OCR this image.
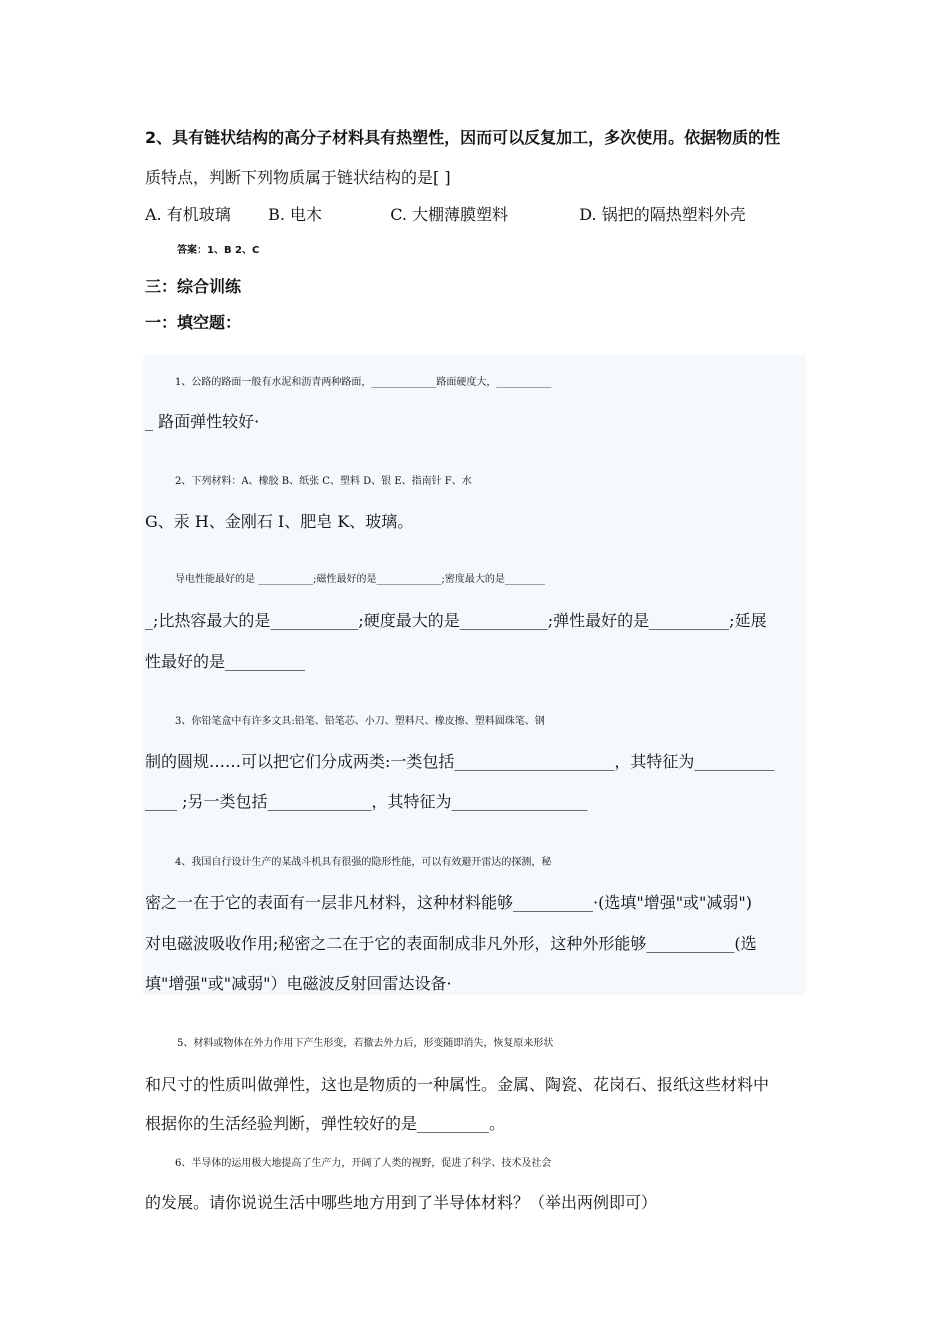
2、具有链状结构的高分子材料具有热塑性，因而可以反复加工，多次使用。依据物质的性
质特点，判断下列物质属于链状结构的是[ ]
A. 有机玻璃 B. 电木	C. 大棚薄膜塑料	D. 锅把的隔热塑料外壳
答案：1、B 2、C
三：综合训练
一：填空题：
1、公路的路面一般有水泥和沥青两种路面，_____________路面硬度大，___________
_ 路面弹性较好·
2、下列材料：A、橡胶 B、纸张 C、塑料 D、银 E、指南针 F、水
G、汞 H、金刚石 I、肥皂 K、玻璃。
导电性能最好的是 ___________;磁性最好的是_____________;密度最大的是________
_;比热容最大的是___________;硬度最大的是___________;弹性最好的是__________;延展
性最好的是__________
3、你铅笔盒中有许多文具:铅笔、铅笔芯、小刀、塑料尺、橡皮擦、塑料圆珠笔、钢
制的圆规……可以把它们分成两类:一类包括____________________，其特征为__________
____ ;另一类包括_____________，其特征为_________________
4、我国自行设计生产的某战斗机具有很强的隐形性能，可以有效避开雷达的探测，秘
密之一在于它的表面有一层非凡材料，这种材料能够__________·(选填"增强"或"减弱")
对电磁波吸收作用;秘密之二在于它的表面制成非凡外形，这种外形能够___________(选
填"增强"或"减弱"）电磁波反射回雷达设备·
5、材料或物体在外力作用下产生形变，若撤去外力后，形变随即消失，恢复原来形状
和尺寸的性质叫做弹性，这也是物质的一种属性。金属、陶瓷、花岗石、报纸这些材料中
根据你的生活经验判断，弹性较好的是_________。
6、半导体的运用极大地提高了生产力，开阔了人类的视野，促进了科学、技术及社会
的发展。请你说说生活中哪些地方用到了半导体材料？（举出两例即可）
